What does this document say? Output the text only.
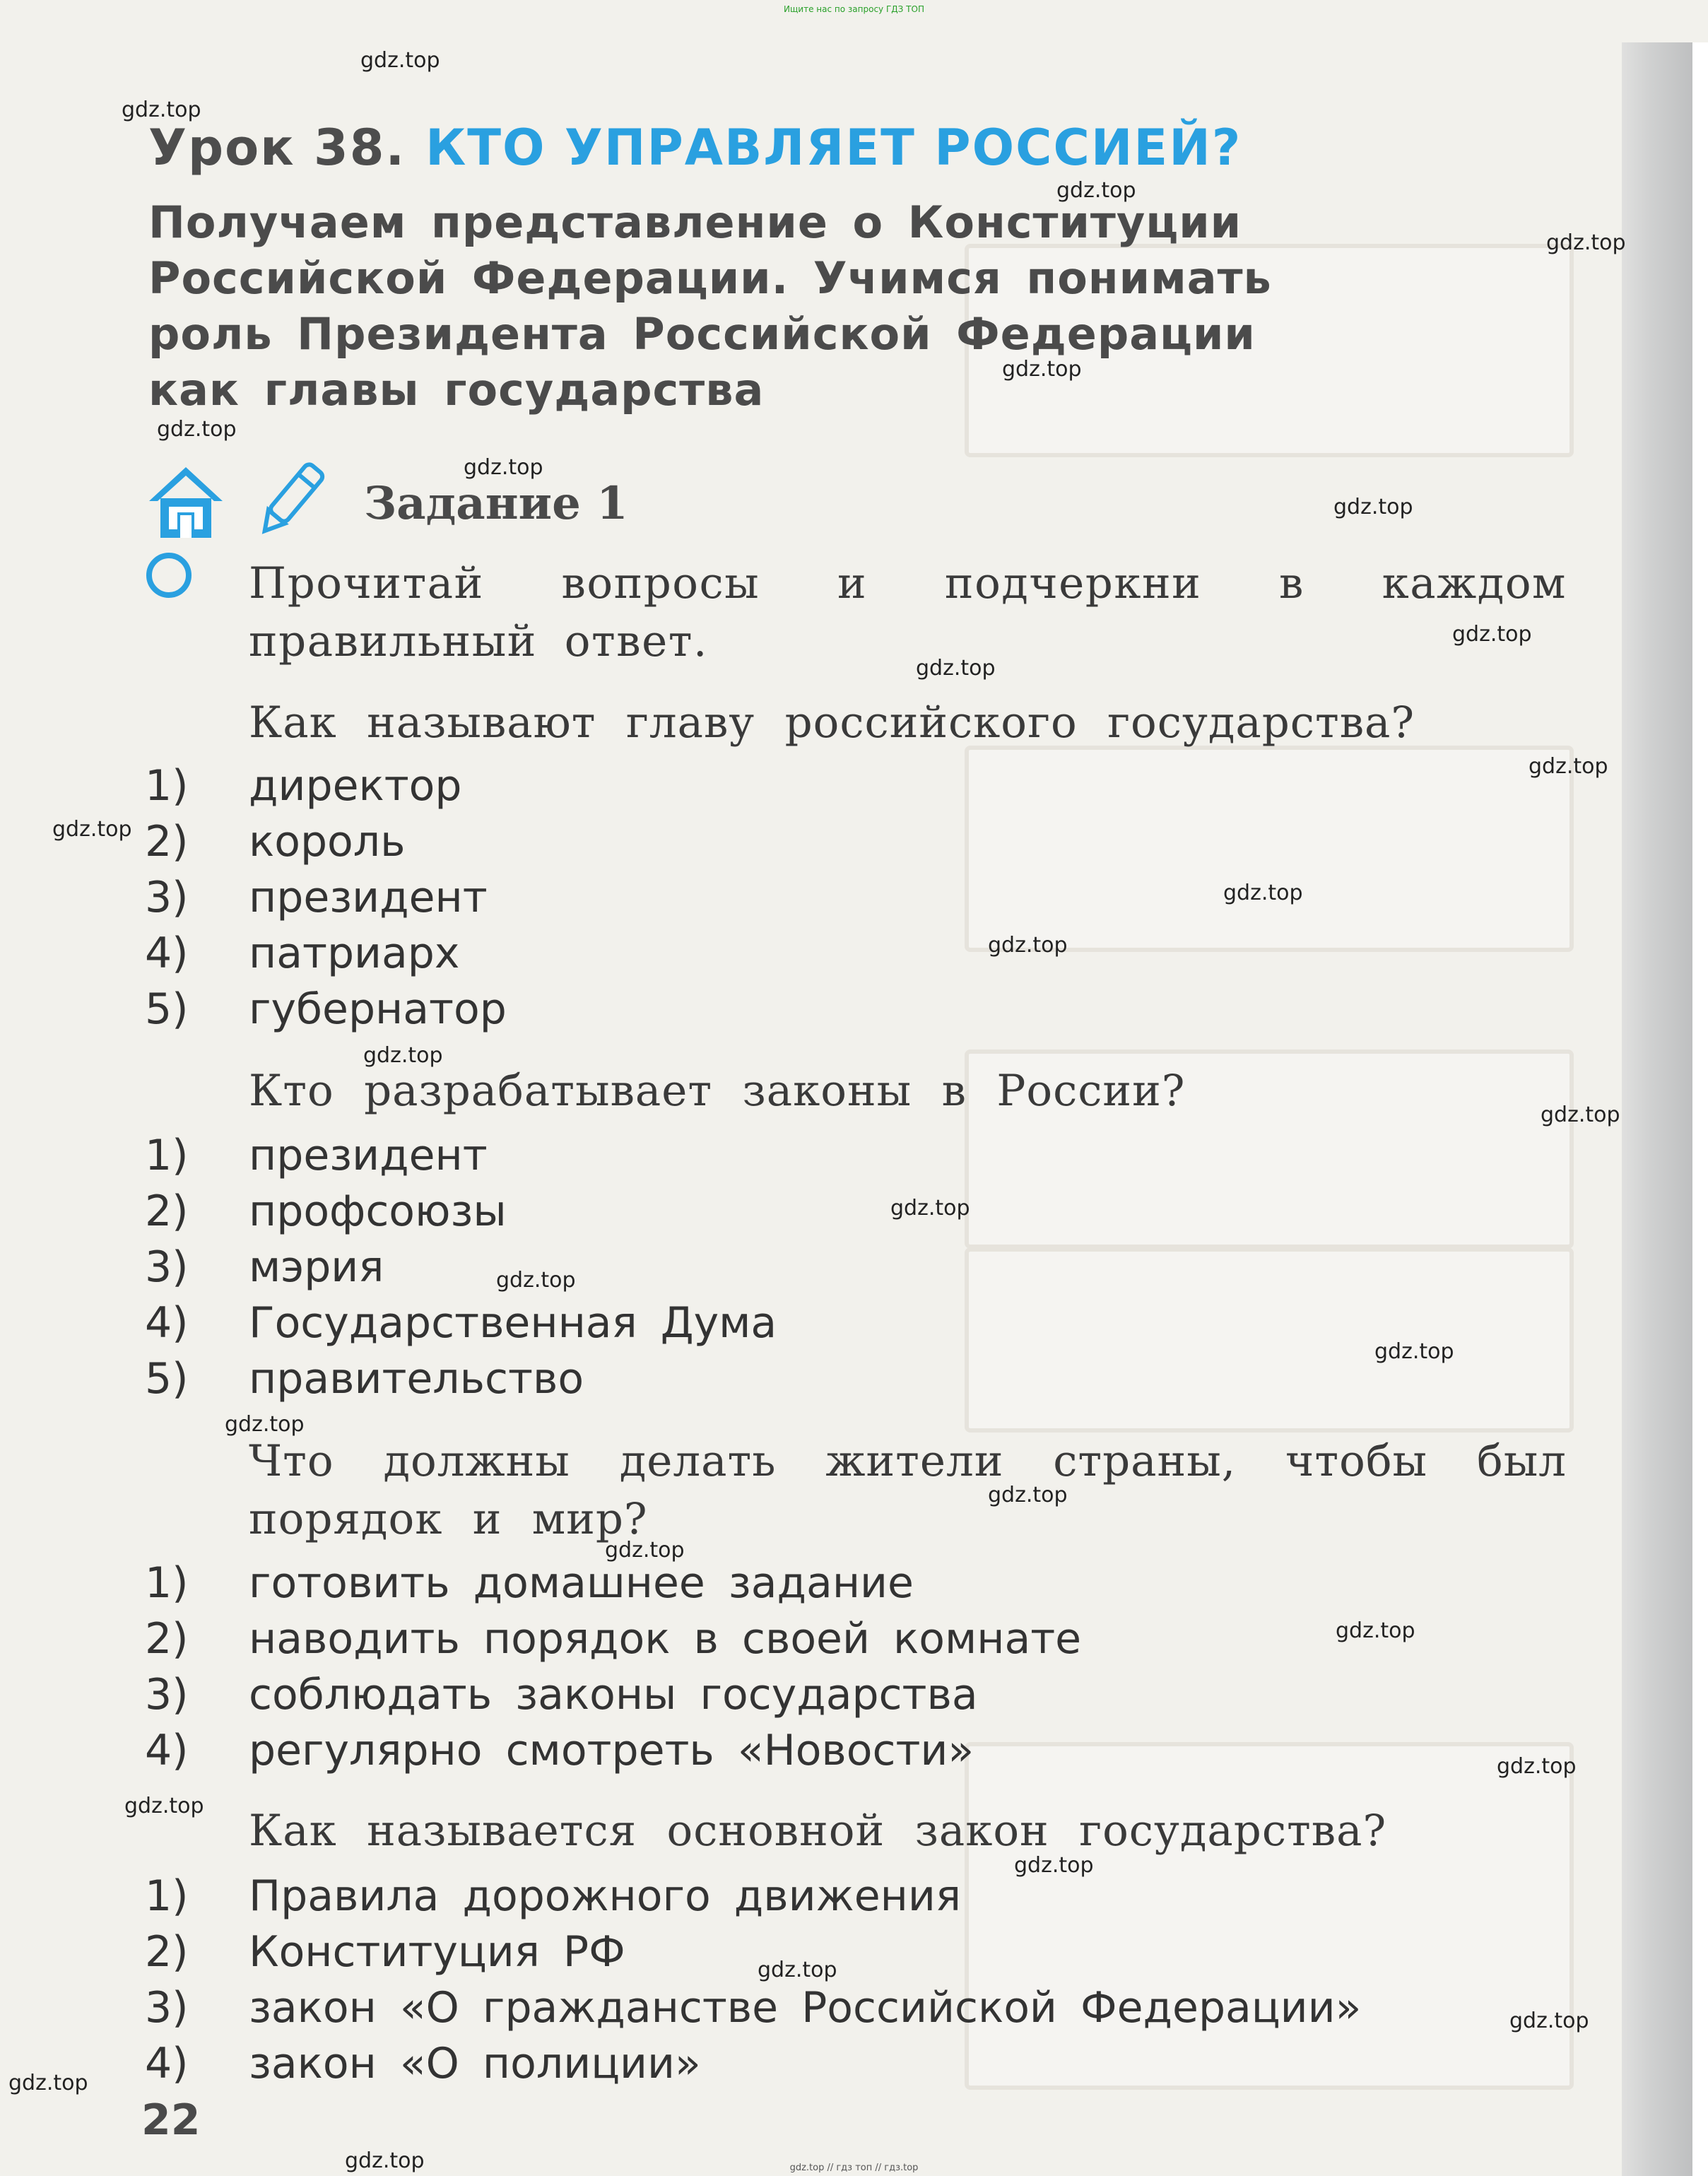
Ищите нас по запросу ГДЗ ТОП
Урок 38. КТО УПРАВЛЯЕТ РОССИЕЙ?
Получаем представление о Конституции Российской Федерации. Учимся понимать роль Президента Российской Федерации как главы государства
Задание 1
Прочитай вопросы и подчеркни в каждом правильный ответ.
Как называют главу российского государства?
1)	директор
2)	король
3)	президент
4)	патриарх
5)	губернатор
Кто разрабатывает законы в России?
1)	президент
2)	профсоюзы
3)	мэрия
4)	Государственная Дума
5)	правительство
Что должны делать жители страны, чтобы был порядок и мир?
1)	готовить домашнее задание
2)	наводить порядок в своей комнате
3)	соблюдать законы государства
4)	регулярно смотреть «Новости»
Как называется основной закон государства?
1)	Правила дорожного движения
2)	Конституция РФ
3)	закон «О гражданстве Российской Федерации»
4)	закон «О полиции»
22
gdz.top
gdz.top
gdz.top
gdz.top
gdz.top
gdz.top
gdz.top
gdz.top
gdz.top
gdz.top
gdz.top
gdz.top
gdz.top
gdz.top
gdz.top
gdz.top
gdz.top
gdz.top
gdz.top
gdz.top
gdz.top
gdz.top
gdz.top
gdz.top
gdz.top
gdz.top
gdz.top
gdz.top
gdz.top
gdz.top	gdz.top // гдз топ // гдз.top
